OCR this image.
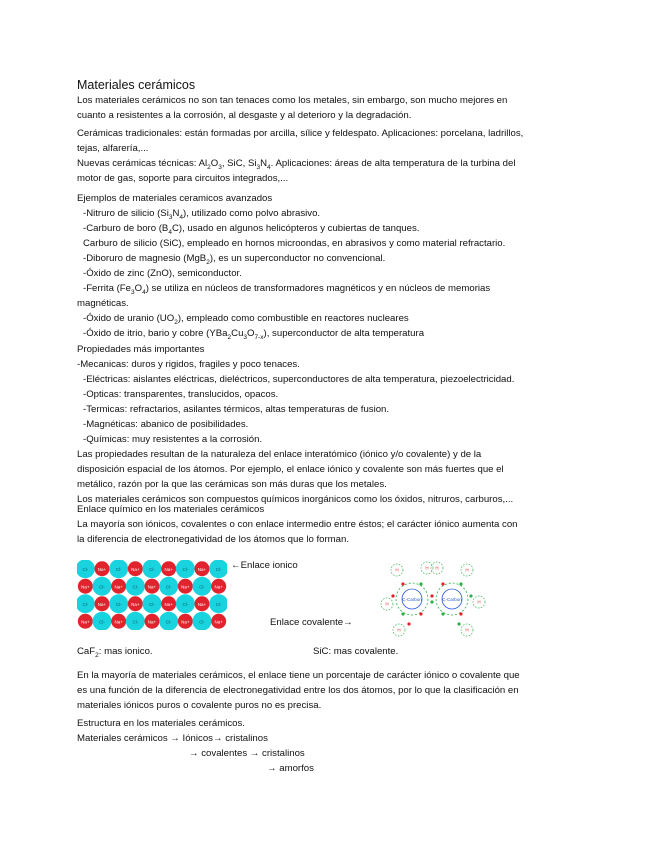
Materiales cerámicos

Los materiales cerámicos no son tan tenaces como los metales, sin embargo, son mucho mejores en
cuanto a resistentes a la corrosión, al desgaste y al deterioro y la degradación.

Cerámicas tradicionales: están formadas por arcilla, sílice y feldespato. Aplicaciones: porcelana, ladrillos,
tejas, alfarería,...

Nuevas cerámicas técnicas: $Al_2O_3$, SiC, $Si_3N_4$. Aplicaciones: áreas de alta temperatura de la turbina del
motor de gas, soporte para circuitos integrados,...

Ejemplos de materiales ceramicos avanzados
-Nitruro de silicio $(Si_3N_4)$, utilizado como polvo abrasivo.
-Carburo de boro $(B_4C)$, usado en algunos helicópteros y cubiertas de tanques.
Carburo de silicio (SiC), empleado en hornos microondas, en abrasivos y como material refractario.
-Diboruro de magnesio (MgB$_2$), es un superconductor no convencional.
-Óxido de zinc (ZnO), semiconductor.
-Ferrita $(Fe_3O_4)$ se utiliza en núcleos de transformadores magnéticos y en núcleos de memorias
magnéticas.
-Óxido de uranio $(UO_2)$, empleado como combustible en reactores nucleares
-Óxido de itrio, bario y cobre $(YBa_2Cu_3O_{7-x})$, superconductor de alta temperatura

Propiedades más importantes
-Mecanicas: duros y rigidos, fragiles y poco tenaces.
-Eléctricas: aislantes eléctricas, dieléctricos, superconductores de alta temperatura, piezoelectricidad.
-Opticas: transparentes, translucidos, opacos.
-Termicas: refractarios, asilantes térmicos, altas temperaturas de fusion.
-Magnéticas: abanico de posibilidades.
-Químicas: muy resistentes a la corrosión.
Las propiedades resultan de la naturaleza del enlace interatómico (iónico y/o covalente) y de la
disposición espacial de los átomos. Por ejemplo, el enlace iónico y covalente son más fuertes que el
metálico, razón por la que las cerámicas son más duras que los metales.
Los materiales cerámicos son compuestos químicos inorgánicos como los óxidos, nitruros, carburos,...

Enlace químico en los materiales cerámicos
La mayoría son iónicos, covalentes o con enlace intermedio entre éstos; el carácter iónico aumenta con
la diferencia de electronegatividad de los átomos que lo forman.

Cl- Na+ Cl- Na+ Cl- Na+ Cl- Na+ Cl-
Na+ Cl- Na+ Cl- Na+ Cl- Na+ Cl- Na+
Cl- Na+ Cl- Na+ Cl- Na+ Cl- Na+ Cl-
Na+ Cl- Na+ Cl- Na+ Cl- Na+ Cl- Na+
←Enlace ionico
C-Carbon	C-Carbon
H	H H	H
H	H
H	H
Enlace covalente→
CaF$_2$: mas ionico.	SiC: mas covalente.

En la mayoría de materiales cerámicos, el enlace tiene un porcentaje de carácter iónico o covalente que
es una función de la diferencia de electronegatividad entre los dos átomos, por lo que la clasificación en
materiales iónicos puros o covalente puros no es precisa.

Estructura en los materiales cerámicos.
Materiales cerámicos → Iónicos→ cristalinos
→ covalentes → cristalinos
→ amorfos
